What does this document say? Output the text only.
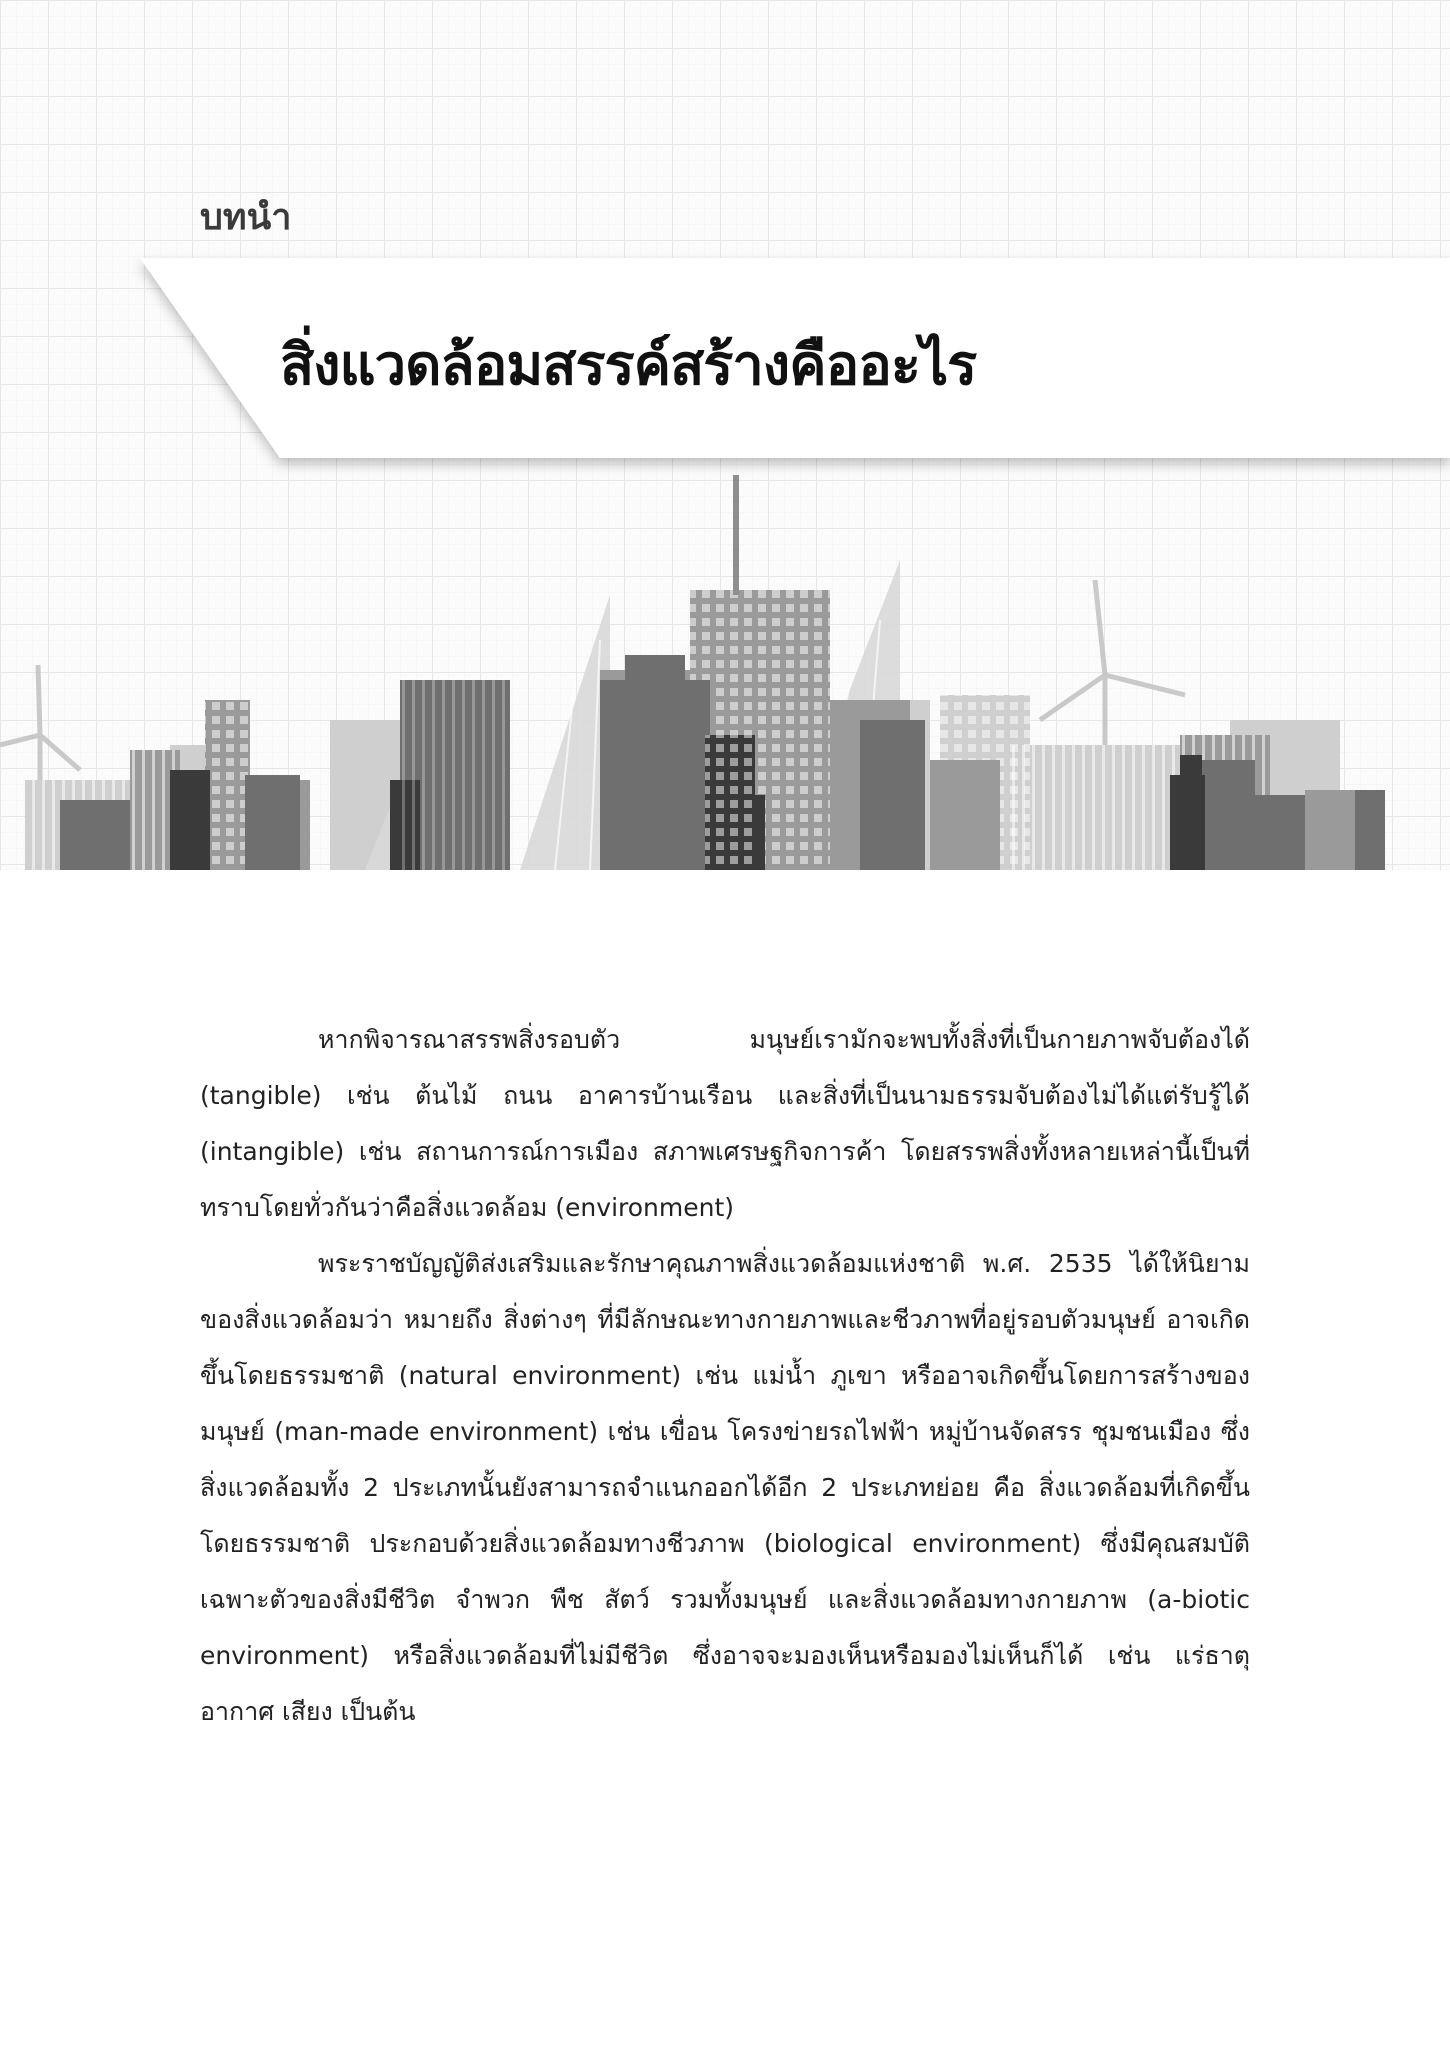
บทนำ
สิ่งแวดล้อมสรรค์สร้างคืออะไร

หากพิจารณาสรรพสิ่งรอบตัว มนุษย์เรามักจะพบทั้งสิ่งที่เป็นกายภาพจับต้องได้ (tangible) เช่น ต้นไม้ ถนน อาคารบ้านเรือน และสิ่งที่เป็นนามธรรมจับต้องไม่ได้แต่รับรู้ได้ (intangible) เช่น สถานการณ์การเมือง สภาพเศรษฐกิจการค้า โดยสรรพสิ่งทั้งหลายเหล่านี้เป็นที่ทราบโดยทั่วกันว่าคือสิ่งแวดล้อม (environment)

พระราชบัญญัติส่งเสริมและรักษาคุณภาพสิ่งแวดล้อมแห่งชาติ พ.ศ. 2535 ได้ให้นิยามของสิ่งแวดล้อมว่า หมายถึง สิ่งต่างๆ ที่มีลักษณะทางกายภาพและชีวภาพที่อยู่รอบตัวมนุษย์ อาจเกิดขึ้นโดยธรรมชาติ (natural environment) เช่น แม่น้ำ ภูเขา หรืออาจเกิดขึ้นโดยการสร้างของมนุษย์ (man-made environment) เช่น เขื่อน โครงข่ายรถไฟฟ้า หมู่บ้านจัดสรร ชุมชนเมือง ซึ่งสิ่งแวดล้อมทั้ง 2 ประเภทนั้นยังสามารถจำแนกออกได้อีก 2 ประเภทย่อย คือ สิ่งแวดล้อมที่เกิดขึ้นโดยธรรมชาติ ประกอบด้วยสิ่งแวดล้อมทางชีวภาพ (biological environment) ซึ่งมีคุณสมบัติเฉพาะตัวของสิ่งมีชีวิต จำพวก พืช สัตว์ รวมทั้งมนุษย์ และสิ่งแวดล้อมทางกายภาพ (a-biotic environment) หรือสิ่งแวดล้อมที่ไม่มีชีวิต ซึ่งอาจจะมองเห็นหรือมองไม่เห็นก็ได้ เช่น แร่ธาตุ อากาศ เสียง เป็นต้น
